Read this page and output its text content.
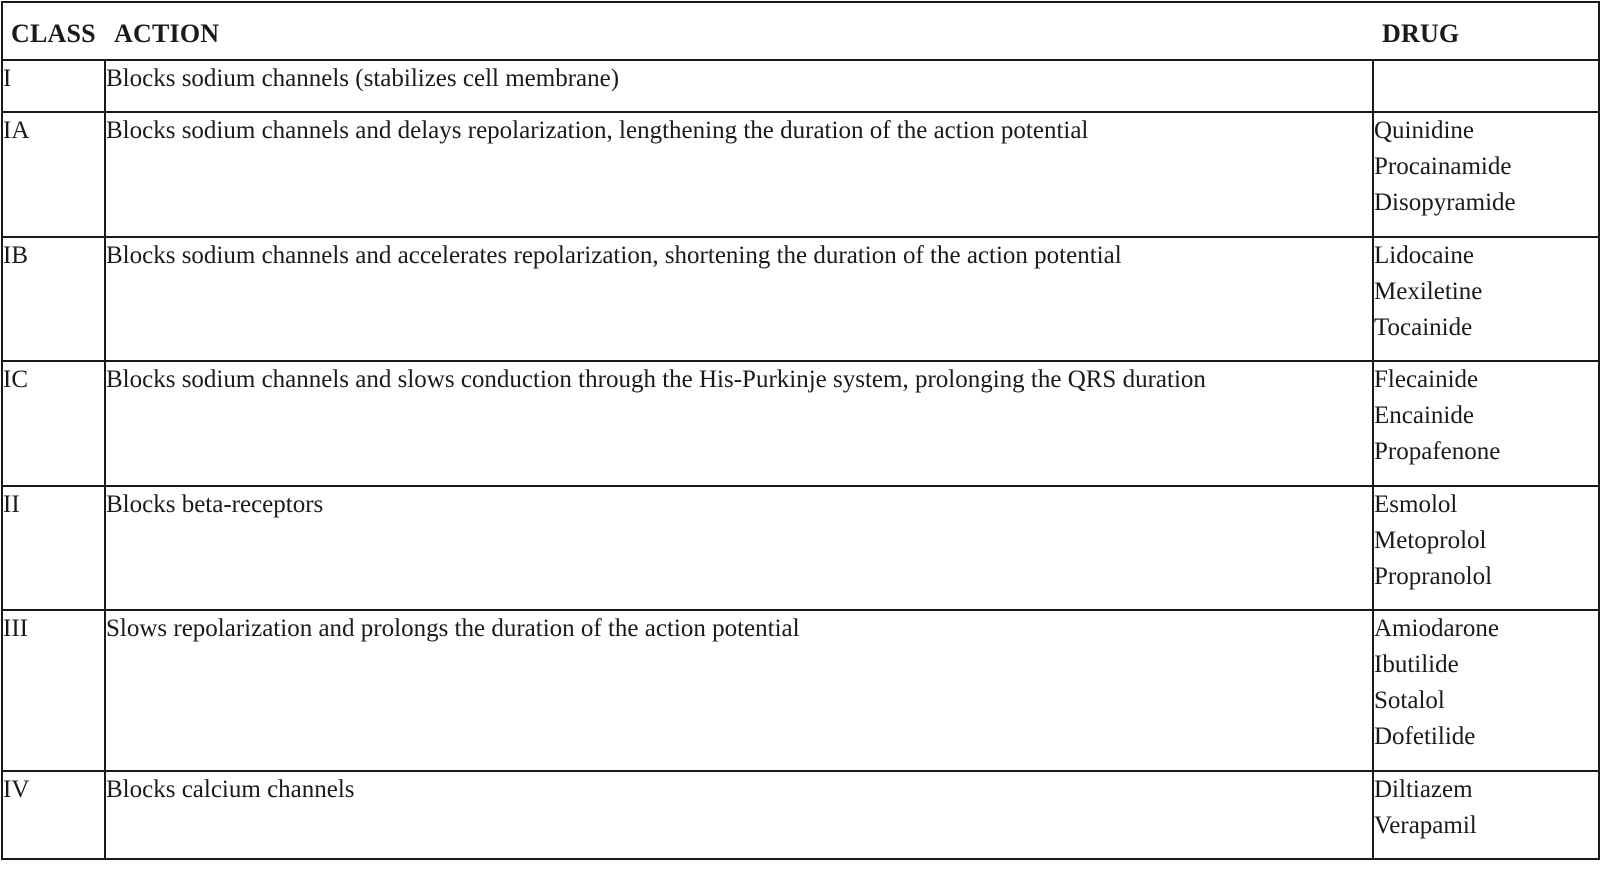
CLASS ACTION DRUG		

I	Blocks sodium channels (stabilizes cell membrane)	
IA	Blocks sodium channels and delays repolarization, lengthening the duration of the action potential	Quinidine
Procainamide
Disopyramide

IB	Blocks sodium channels and accelerates repolarization, shortening the duration of the action potential	Lidocaine
Mexiletine
Tocainide

IC	Blocks sodium channels and slows conduction through the His-Purkinje system, prolonging the QRS duration	Flecainide
Encainide
Propafenone

II	Blocks beta-receptors	Esmolol
Metoprolol
Propranolol

III	Slows repolarization and prolongs the duration of the action potential	Amiodarone
Ibutilide
Sotalol
Dofetilide

IV	Blocks calcium channels	Diltiazem
Verapamil
